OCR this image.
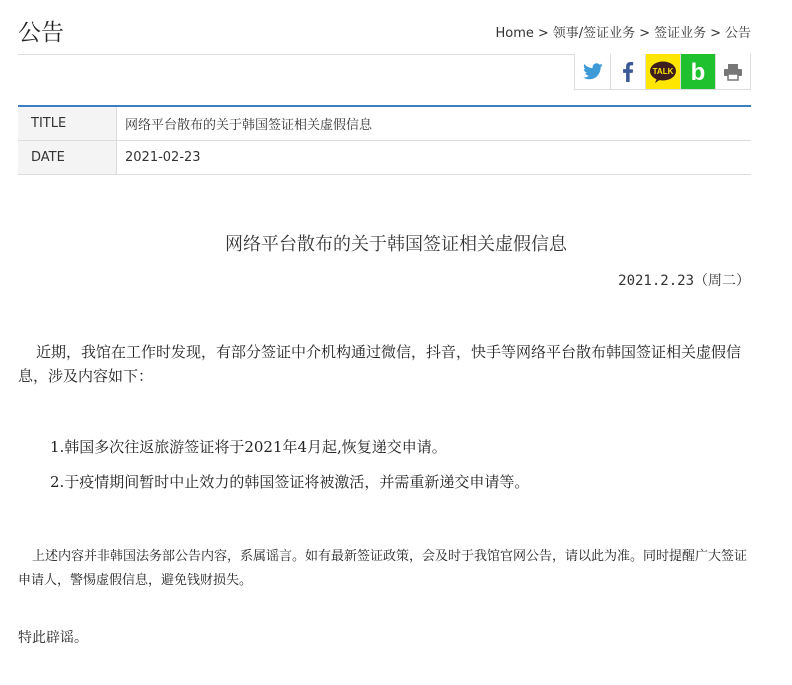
公告	Home > 领事/签证业务 > 签证业务 > 公告
TALK b
TITLE	网络平台散布的关于韩国签证相关虚假信息
DATE	2021-02-23
网络平台散布的关于韩国签证相关虚假信息
2021.2.23（周二）
近期，我馆在工作时发现，有部分签证中介机构通过微信，抖音，快手等网络平台散布韩国签证相关虚假信息，涉及内容如下：
1.韩国多次往返旅游签证将于2021年4月起,恢复递交申请。
2.于疫情期间暂时中止效力的韩国签证将被激活，并需重新递交申请等。
上述内容并非韩国法务部公告内容，系属谣言。如有最新签证政策，会及时于我馆官网公告，请以此为准。同时提醒广大签证申请人，警惕虚假信息，避免钱财损失。
特此辟谣。
